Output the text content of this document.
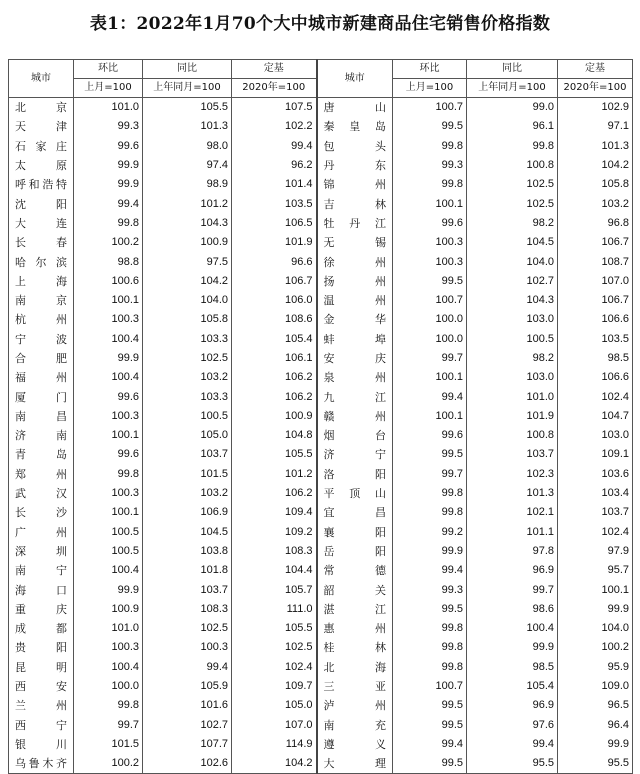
表1：2022年1月70个大中城市新建商品住宅销售价格指数
城市	环比	同比	定基	城市	环比	同比	定基
	上月=100	上年同月=100	2020年=100		上月=100	上年同月=100	2020年=100
北京	101.0	105.5	107.5	唐山	100.7	99.0	102.9
天津	99.3	101.3	102.2	秦皇岛	99.5	96.1	97.1
石家庄	99.6	98.0	99.4	包头	99.8	99.8	101.3
太原	99.9	97.4	96.2	丹东	99.3	100.8	104.2
呼和浩特	99.9	98.9	101.4	锦州	99.8	102.5	105.8
沈阳	99.4	101.2	103.5	吉林	100.1	102.5	103.2
大连	99.8	104.3	106.5	牡丹江	99.6	98.2	96.8
长春	100.2	100.9	101.9	无锡	100.3	104.5	106.7
哈尔滨	98.8	97.5	96.6	徐州	100.3	104.0	108.7
上海	100.6	104.2	106.7	扬州	99.5	102.7	107.0
南京	100.1	104.0	106.0	温州	100.7	104.3	106.7
杭州	100.3	105.8	108.6	金华	100.0	103.0	106.6
宁波	100.4	103.3	105.4	蚌埠	100.0	100.5	103.5
合肥	99.9	102.5	106.1	安庆	99.7	98.2	98.5
福州	100.4	103.2	106.2	泉州	100.1	103.0	106.6
厦门	99.6	103.3	106.2	九江	99.4	101.0	102.4
南昌	100.3	100.5	100.9	赣州	100.1	101.9	104.7
济南	100.1	105.0	104.8	烟台	99.6	100.8	103.0
青岛	99.6	103.7	105.5	济宁	99.5	103.7	109.1
郑州	99.8	101.5	101.2	洛阳	99.7	102.3	103.6
武汉	100.3	103.2	106.2	平顶山	99.8	101.3	103.4
长沙	100.1	106.9	109.4	宜昌	99.8	102.1	103.7
广州	100.5	104.5	109.2	襄阳	99.2	101.1	102.4
深圳	100.5	103.8	108.3	岳阳	99.9	97.8	97.9
南宁	100.4	101.8	104.4	常德	99.4	96.9	95.7
海口	99.9	103.7	105.7	韶关	99.3	99.7	100.1
重庆	100.9	108.3	111.0	湛江	99.5	98.6	99.9
成都	101.0	102.5	105.5	惠州	99.8	100.4	104.0
贵阳	100.3	100.3	102.5	桂林	99.8	99.9	100.2
昆明	100.4	99.4	102.4	北海	99.8	98.5	95.9
西安	100.0	105.9	109.7	三亚	100.7	105.4	109.0
兰州	99.8	101.6	105.0	泸州	99.5	96.9	96.5
西宁	99.7	102.7	107.0	南充	99.5	97.6	96.4
银川	101.5	107.7	114.9	遵义	99.4	99.4	99.9
乌鲁木齐	100.2	102.6	104.2	大理	99.5	95.5	95.5
